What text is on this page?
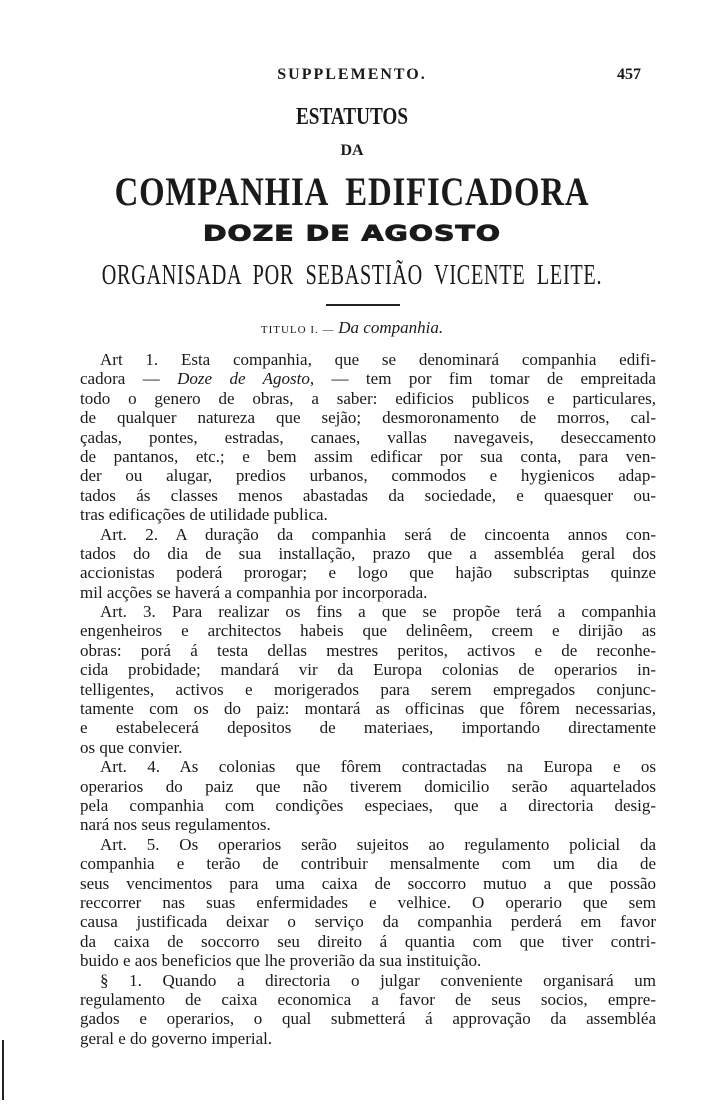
SUPPLEMENTO.	457
ESTATUTOS
DA
COMPANHIA  EDIFICADORA
DOZE DE AGOSTO
ORGANISADA  POR  SEBASTIÃO  VICENTE  LEITE.
TITULO I. — Da companhia.
Art 1. Esta companhia, que se denominará companhia edifi-
cadora — Doze de Agosto, — tem por fim tomar de empreitada
todo o genero de obras, a saber: edificios publicos e particulares,
de qualquer natureza que sejão; desmoronamento de morros, cal-
çadas, pontes, estradas, canaes, vallas navegaveis, deseccamento
de pantanos, etc.; e bem assim edificar por sua conta, para ven-
der ou alugar, predios urbanos, commodos e hygienicos adap-
tados ás classes menos abastadas da sociedade, e quaesquer ou-
tras edificações de utilidade publica.
Art. 2. A duração da companhia será de cincoenta annos con-
tados do dia de sua installação, prazo que a assembléa geral dos
accionistas poderá prorogar; e logo que hajão subscriptas quinze
mil acções se haverá a companhia por incorporada.
Art. 3. Para realizar os fins a que se propõe terá a companhia
engenheiros e architectos habeis que delinêem, creem e dirijão as
obras: porá á testa dellas mestres peritos, activos e de reconhe-
cida probidade; mandará vir da Europa colonias de operarios in-
telligentes, activos e morigerados para serem empregados conjunc-
tamente com os do paiz: montará as officinas que fôrem necessarias,
e estabelecerá depositos de materiaes, importando directamente
os que convier.
Art. 4. As colonias que fôrem contractadas na Europa e os
operarios do paiz que não tiverem domicilio serão aquartelados
pela companhia com condições especiaes, que a directoria desig-
nará nos seus regulamentos.
Art. 5. Os operarios serão sujeitos ao regulamento policial da
companhia e terão de contribuir mensalmente com um dia de
seus vencimentos para uma caixa de soccorro mutuo a que possão
reccorrer nas suas enfermidades e velhice. O operario que sem
causa justificada deixar o serviço da companhia perderá em favor
da caixa de soccorro seu direito á quantia com que tiver contri-
buido e aos beneficios que lhe proverião da sua instituição.
§ 1. Quando a directoria o julgar conveniente organisará um
regulamento de caixa economica a favor de seus socios, empre-
gados e operarios, o qual submetterá á approvação da assembléa
geral e do governo imperial.
